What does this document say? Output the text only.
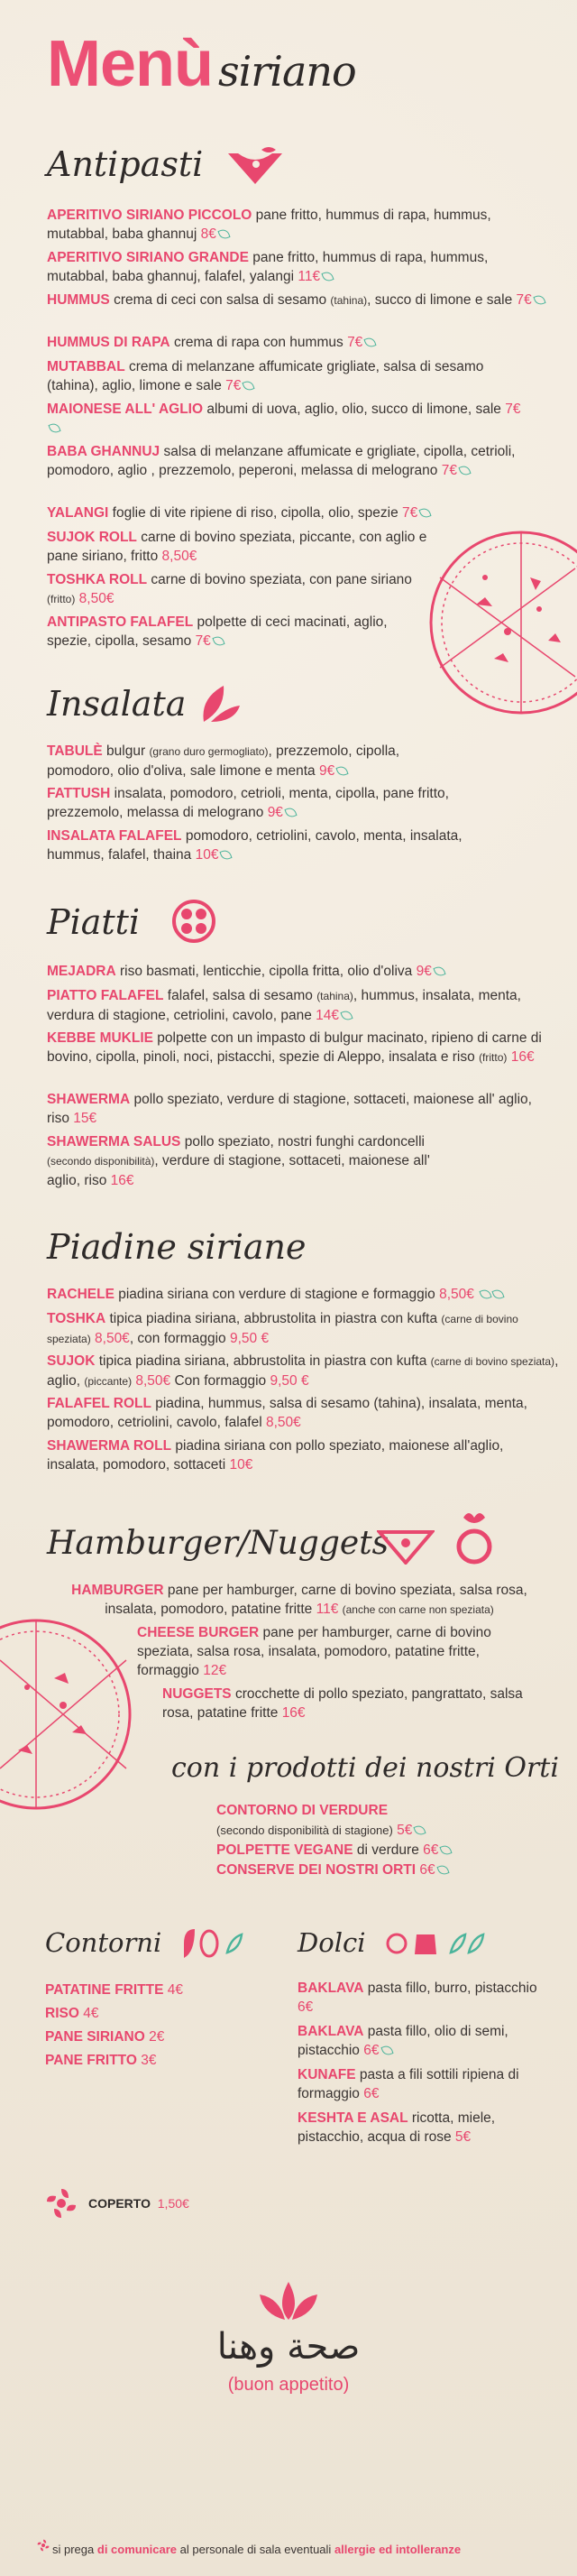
Menù siriano
Antipasti
APERITIVO SIRIANO PICCOLO pane fritto, hummus di rapa, hummus, mutabbal, baba ghannuj 8€
APERITIVO SIRIANO GRANDE pane fritto, hummus di rapa, hummus, mutabbal, baba ghannuj, falafel, yalangi 11€
HUMMUS crema di ceci con salsa di sesamo (tahina), succo di limone e sale 7€
HUMMUS DI RAPA crema di rapa con hummus 7€
MUTABBAL crema di melanzane affumicate grigliate, salsa di sesamo (tahina), aglio, limone e sale 7€
MAIONESE ALL' AGLIO albumi di uova, aglio, olio, succo di limone, sale 7€
BABA GHANNUJ salsa di melanzane affumicate e grigliate, cipolla, cetrioli, pomodoro, aglio , prezzemolo, peperoni, melassa di melograno 7€
YALANGI foglie di vite ripiene di riso, cipolla, olio, spezie 7€
SUJOK ROLL carne di bovino speziata, piccante, con aglio e pane siriano, fritto 8,50€
TOSHKA ROLL carne di bovino speziata, con pane siriano (fritto) 8,50€
ANTIPASTO FALAFEL polpette di ceci macinati, aglio, spezie, cipolla, sesamo 7€
Insalata
TABULÈ bulgur (grano duro germogliato), prezzemolo, cipolla, pomodoro, olio d'oliva, sale limone e menta 9€
FATTUSH insalata, pomodoro, cetrioli, menta, cipolla, pane fritto, prezzemolo, melassa di melograno 9€
INSALATA FALAFEL pomodoro, cetriolini, cavolo, menta, insalata, hummus, falafel, thaina 10€
Piatti
MEJADRA riso basmati, lenticchie, cipolla fritta, olio d'oliva 9€
PIATTO FALAFEL falafel, salsa di sesamo (tahina), hummus, insalata, menta, verdura di stagione, cetriolini, cavolo, pane 14€
KEBBE MUKLIE polpette con un impasto di bulgur macinato, ripieno di carne di bovino, cipolla, pinoli, noci, pistacchi, spezie di Aleppo, insalata e riso (fritto) 16€
SHAWERMA pollo speziato, verdure di stagione, sottaceti, maionese all' aglio, riso 15€
SHAWERMA SALUS pollo speziato, nostri funghi cardoncelli (secondo disponibilità), verdure di stagione, sottaceti, maionese all' aglio, riso 16€
Piadine siriane
RACHELE piadina siriana con verdure di stagione e formaggio 8,50€
TOSHKA tipica piadina siriana, abbrustolita in piastra con kufta (carne di bovino speziata) 8,50€, con formaggio 9,50 €
SUJOK tipica piadina siriana, abbrustolita in piastra con kufta (carne di bovino speziata), aglio, (piccante) 8,50€ Con formaggio 9,50 €
FALAFEL ROLL piadina, hummus, salsa di sesamo (tahina), insalata, menta, pomodoro, cetriolini, cavolo, falafel 8,50€
SHAWERMA ROLL piadina siriana con pollo speziato, maionese all'aglio, insalata, pomodoro, sottaceti 10€
Hamburger/Nuggets
HAMBURGER pane per hamburger, carne di bovino speziata, salsa rosa, insalata, pomodoro, patatine fritte 11€ (anche con carne non speziata)
CHEESE BURGER pane per hamburger, carne di bovino speziata, salsa rosa, insalata, pomodoro, patatine fritte, formaggio 12€
NUGGETS crocchette di pollo speziato, pangrattato, salsa rosa, patatine fritte 16€
con i prodotti dei nostri Orti
CONTORNO DI VERDURE
(secondo disponibilità di stagione) 5€
POLPETTE VEGANE di verdure 6€
CONSERVE DEI NOSTRI ORTI 6€
Contorni
PATATINE FRITTE 4€
RISO 4€
PANE SIRIANO 2€
PANE FRITTO 3€
Dolci
BAKLAVA pasta fillo, burro, pistacchio 6€
BAKLAVA pasta fillo, olio di semi, pistacchio 6€
KUNAFE pasta a fili sottili ripiena di formaggio 6€
KESHTA E ASAL ricotta, miele, pistacchio, acqua di rose 5€
COPERTO 1,50€
صحة وهنا
(buon appetito)
si prega di comunicare al personale di sala eventuali allergie ed intolleranze
